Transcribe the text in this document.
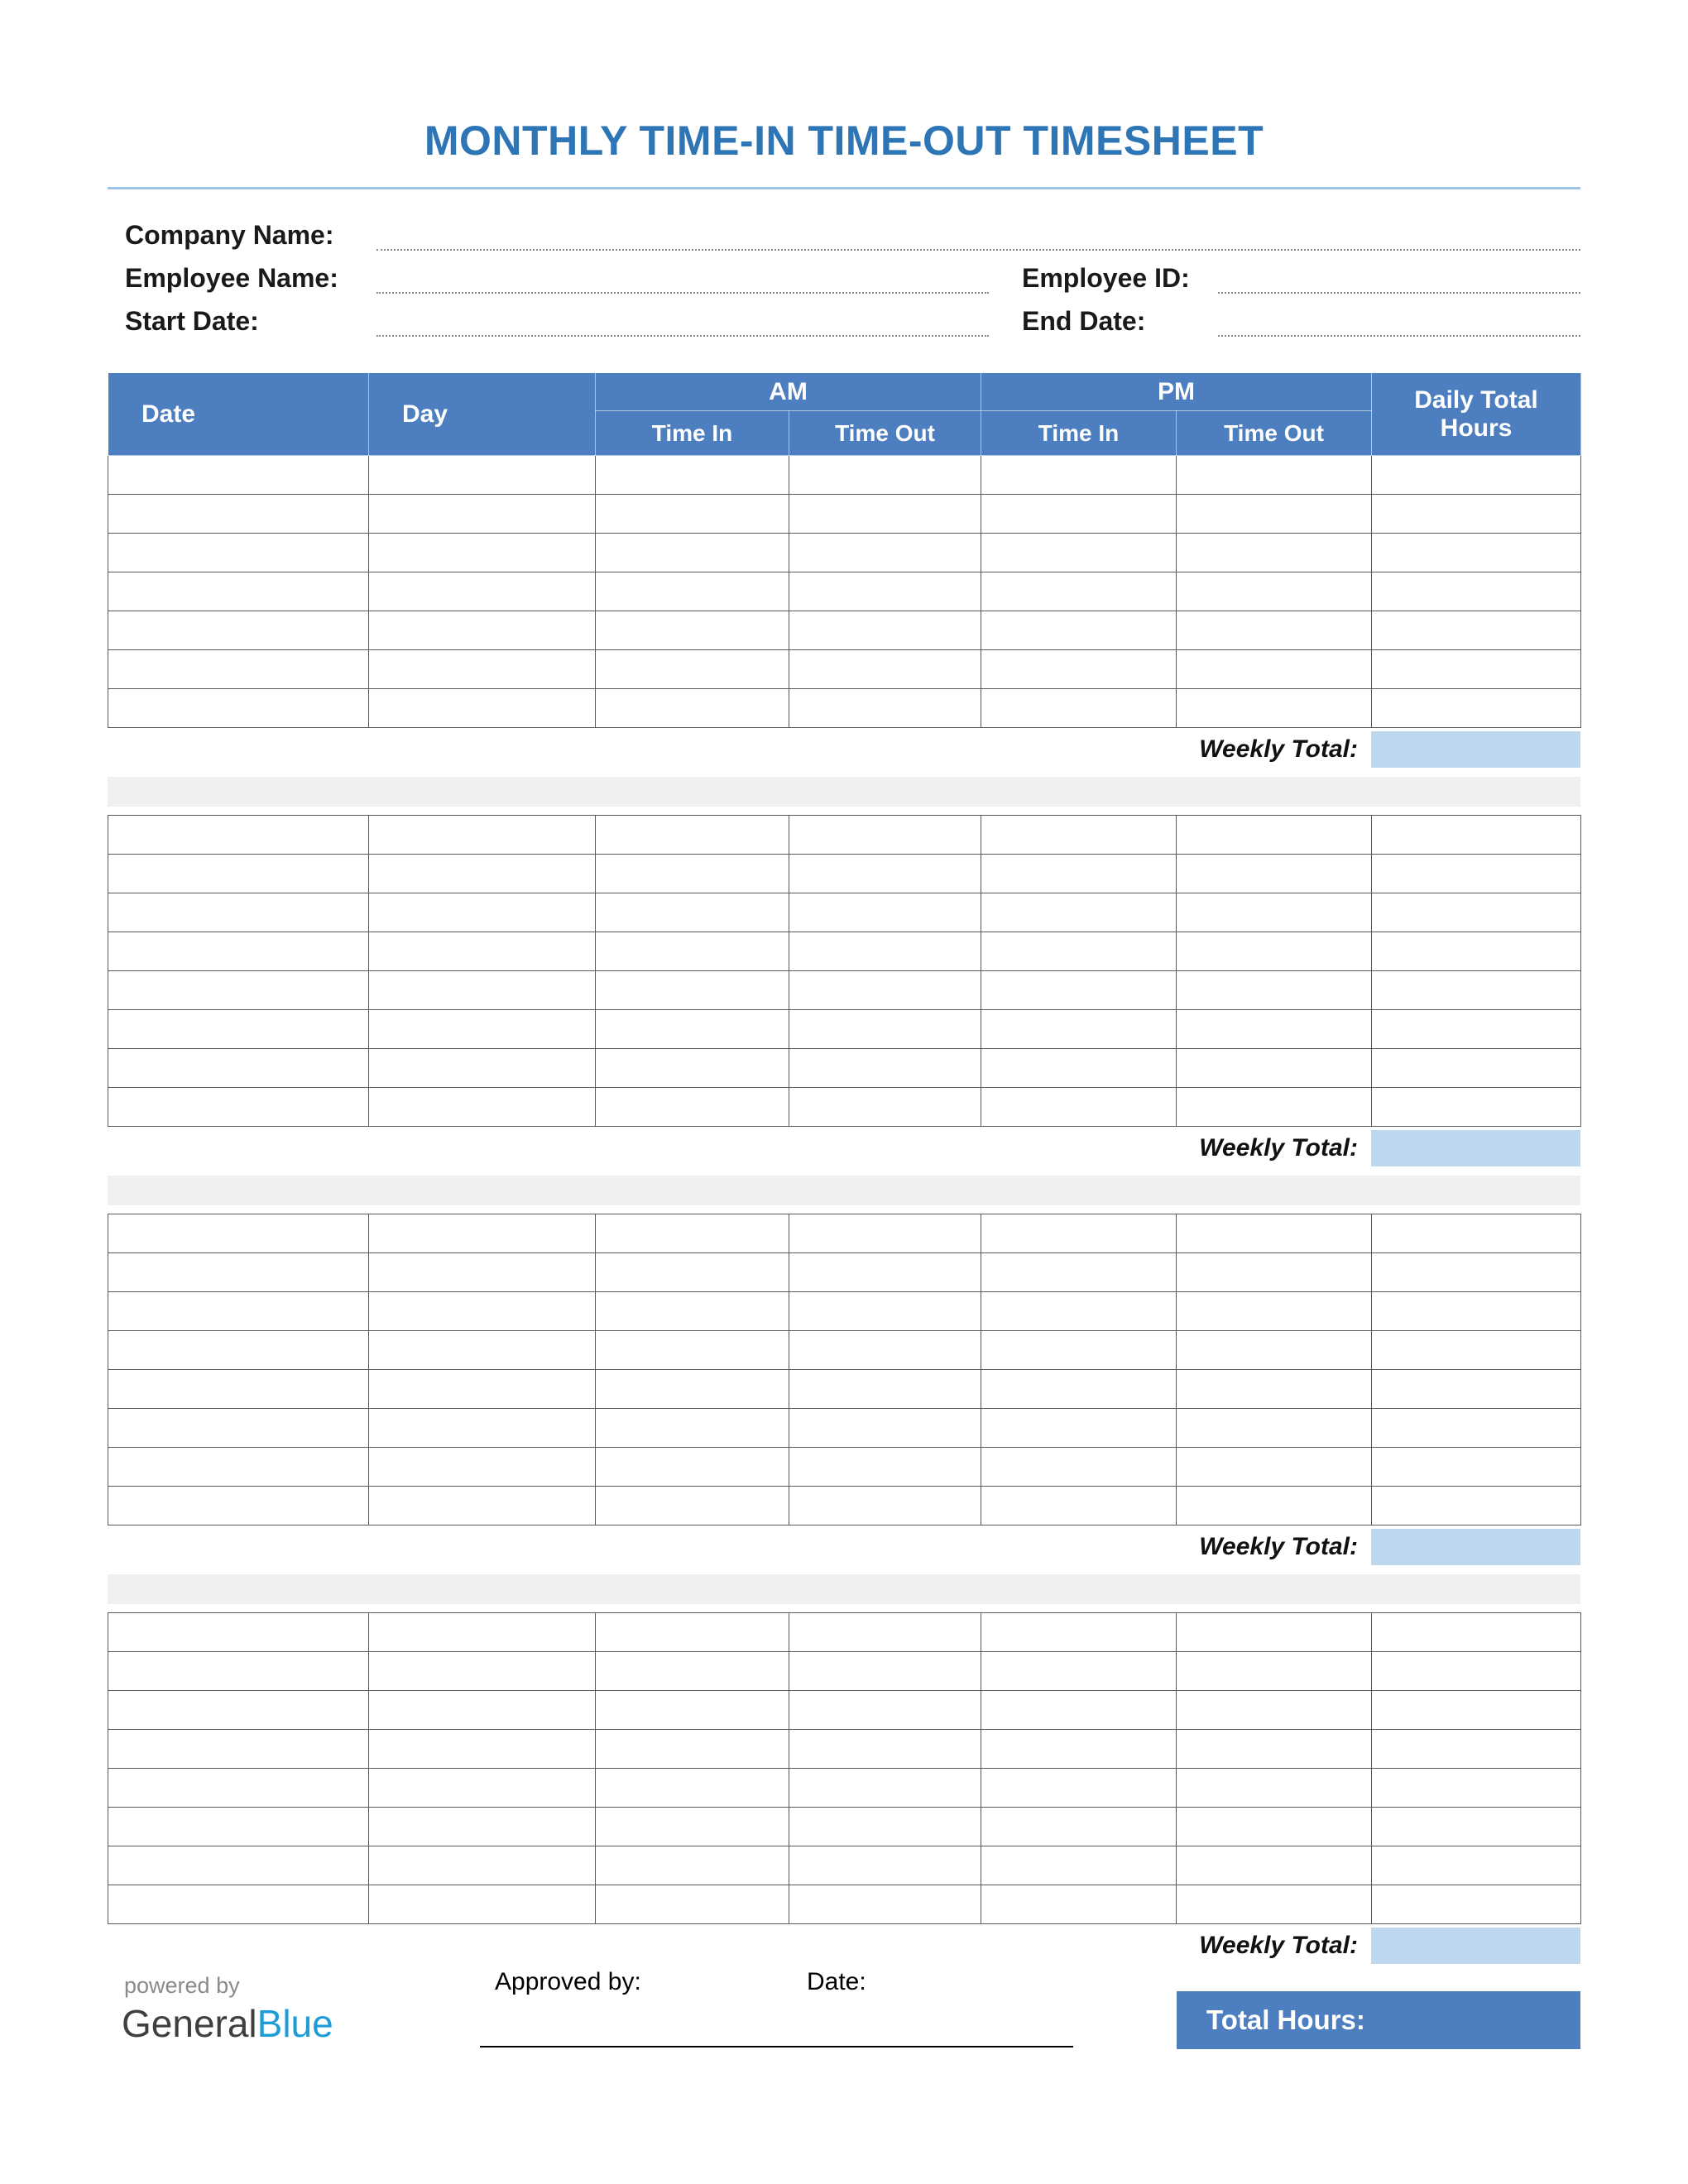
MONTHLY TIME-IN TIME-OUT TIMESHEET
Company Name:
Employee Name:	Employee ID:
Start Date:	End Date:
Date	Day	AM		PM		Daily Total Hours
		Time In	Time Out	Time In	Time Out	

Weekly Total:

Weekly Total:

Weekly Total:

Weekly Total:
powered by
GeneralBlue
Approved by:	Date:
Total Hours:
